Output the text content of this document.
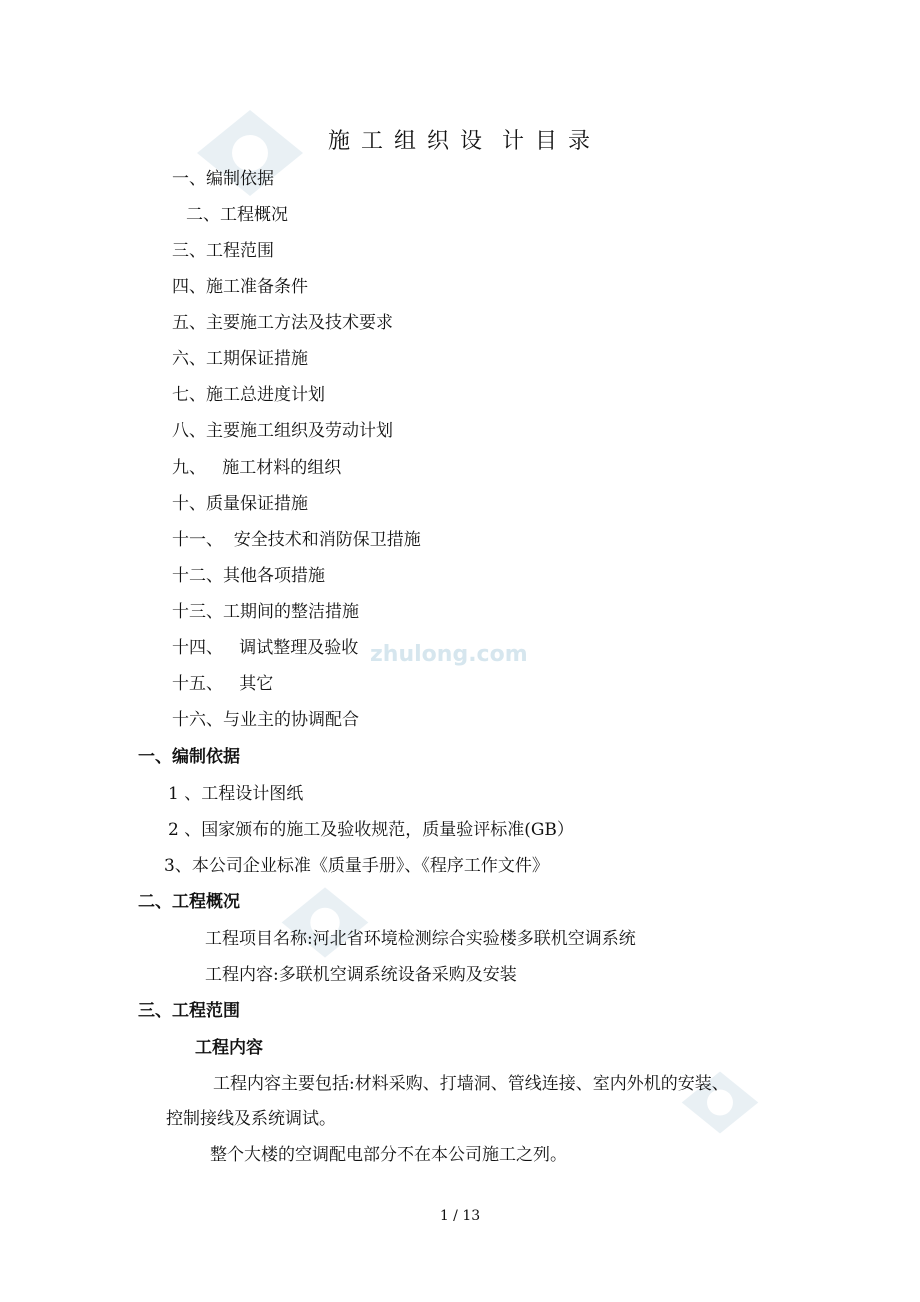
zhulong.com
施 工 组 织 设  计 目 录
一、编制依据
二、工程概况
三、工程范围
四、施工准备条件
五、主要施工方法及技术要求
六、工期保证措施
七、施工总进度计划
八、主要施工组织及劳动计划
九、   施工材料的组织
十、质量保证措施
十一、  安全技术和消防保卫措施
十二、其他各项措施
十三、工期间的整洁措施
十四、   调试整理及验收
十五、   其它
十六、与业主的协调配合
一、编制依据
1 、工程设计图纸
2 、国家颁布的施工及验收规范，质量验评标准(GB）
3、本公司企业标准《质量手册》、《程序工作文件》
二、工程概况
工程项目名称:河北省环境检测综合实验楼多联机空调系统
工程内容:多联机空调系统设备采购及安装
三、工程范围
工程内容
工程内容主要包括:材料采购、打墙洞、管线连接、室内外机的安装、
控制接线及系统调试。
整个大楼的空调配电部分不在本公司施工之列。
1 / 13
